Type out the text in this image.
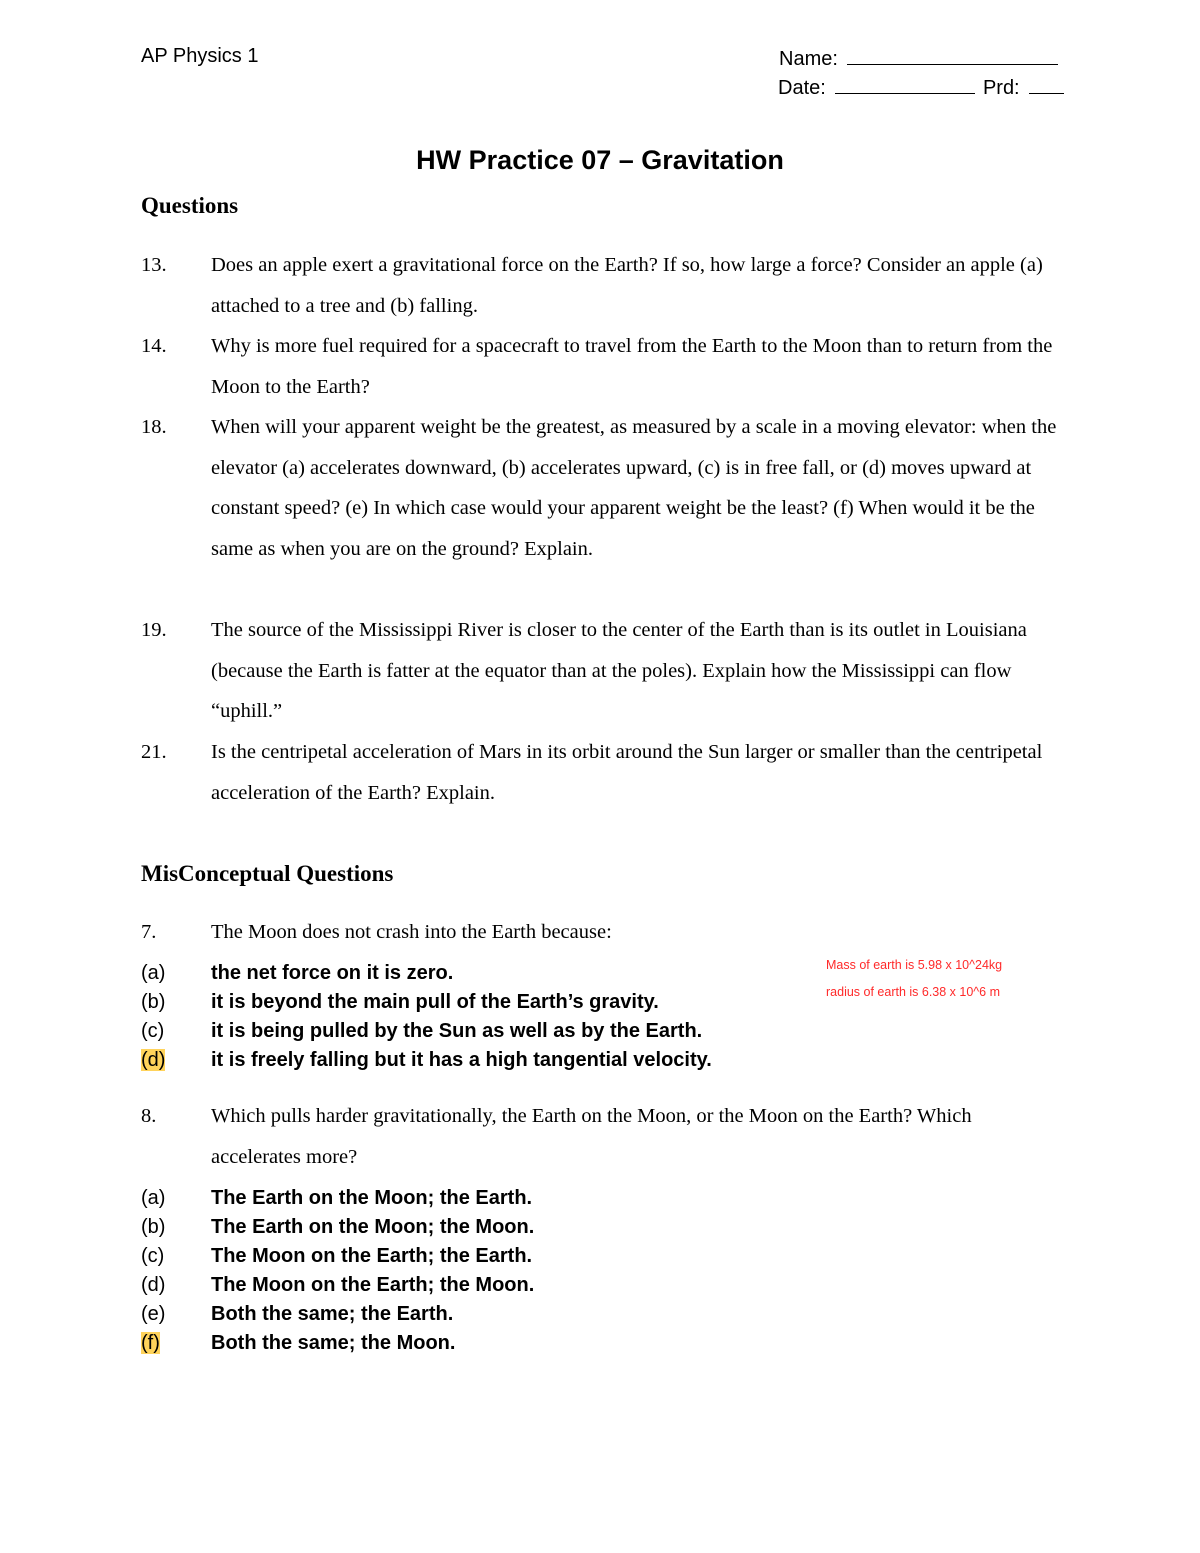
AP Physics 1	Name:
Date:	Prd:
HW Practice 07 – Gravitation
Questions
13. Does an apple exert a gravitational force on the Earth? If so, how large a force? Consider an apple (a) attached to a tree and (b) falling.
14. Why is more fuel required for a spacecraft to travel from the Earth to the Moon than to return from the Moon to the Earth?
18. When will your apparent weight be the greatest, as measured by a scale in a moving elevator: when the elevator (a) accelerates downward, (b) accelerates upward, (c) is in free fall, or (d) moves upward at constant speed? (e) In which case would your apparent weight be the least? (f) When would it be the same as when you are on the ground? Explain.
19. The source of the Mississippi River is closer to the center of the Earth than is its outlet in Louisiana (because the Earth is fatter at the equator than at the poles). Explain how the Mississippi can flow “uphill.”
21. Is the centripetal acceleration of Mars in its orbit around the Sun larger or smaller than the centripetal acceleration of the Earth? Explain.
MisConceptual Questions
7.	The Moon does not crash into the Earth because:
(a) the net force on it is zero.
(b) it is beyond the main pull of the Earth’s gravity.
(c) it is being pulled by the Sun as well as by the Earth.
(d) it is freely falling but it has a high tangential velocity.
Mass of earth is 5.98 x 10^24kg
radius of earth is 6.38 x 10^6 m
8.	Which pulls harder gravitationally, the Earth on the Moon, or the Moon on the Earth? Which accelerates more?
(a) The Earth on the Moon; the Earth.
(b) The Earth on the Moon; the Moon.
(c) The Moon on the Earth; the Earth.
(d) The Moon on the Earth; the Moon.
(e) Both the same; the Earth.
(f)	Both the same; the Moon.
